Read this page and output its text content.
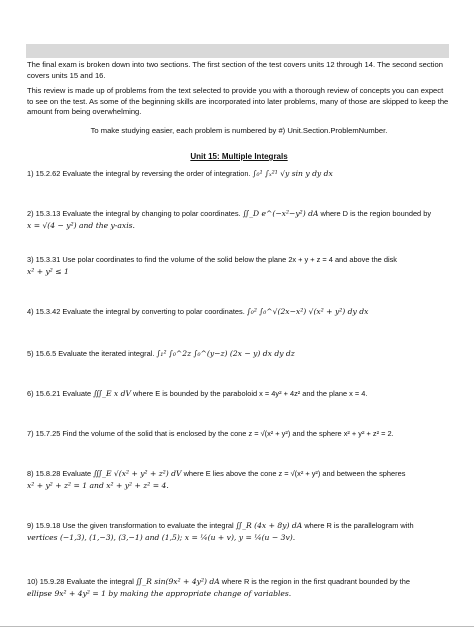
The final exam is broken down into two sections. The first section of the test covers units 12 through 14. The second section covers units 15 and 16.
This review is made up of problems from the text selected to provide you with a thorough review of concepts you can expect to see on the test. As some of the beginning skills are incorporated into later problems, many of those are skipped to keep the amount from being overwhelming.
To make studying easier, each problem is numbered by #) Unit.Section.ProblemNumber.
Unit 15: Multiple Integrals
1) 15.2.62 Evaluate the integral by reversing the order of integration. ∫₀¹ ∫ₓ²¹ √y sin y dy dx
2) 15.3.13 Evaluate the integral by changing to polar coordinates. ∬_D e^(−x²−y²) dA where D is the region bounded by
x = √(4 − y²) and the y-axis.
3) 15.3.31 Use polar coordinates to find the volume of the solid below the plane 2x + y + z = 4 and above the disk
x² + y² ≤ 1
4) 15.3.42 Evaluate the integral by converting to polar coordinates. ∫₀² ∫₀^√(2x−x²) √(x² + y²) dy dx
5) 15.6.5 Evaluate the iterated integral. ∫₁² ∫₀^2z ∫₀^(y−z) (2x − y) dx dy dz
6) 15.6.21 Evaluate ∭_E x dV where E is bounded by the paraboloid x = 4y² + 4z² and the plane x = 4.
7) 15.7.25 Find the volume of the solid that is enclosed by the cone z = √(x² + y²) and the sphere x² + y² + z² = 2.
8) 15.8.28 Evaluate ∭_E √(x² + y² + z²) dV where E lies above the cone z = √(x² + y²) and between the spheres
x² + y² + z² = 1 and x² + y² + z² = 4.
9) 15.9.18 Use the given transformation to evaluate the integral ∬_R (4x + 8y) dA where R is the parallelogram with
vertices (−1,3), (1,−3), (3,−1) and (1,5); x = ¼(u + v), y = ¼(u − 3v).
10) 15.9.28 Evaluate the integral ∬_R sin(9x² + 4y²) dA where R is the region in the first quadrant bounded by the
ellipse 9x² + 4y² = 1 by making the appropriate change of variables.
